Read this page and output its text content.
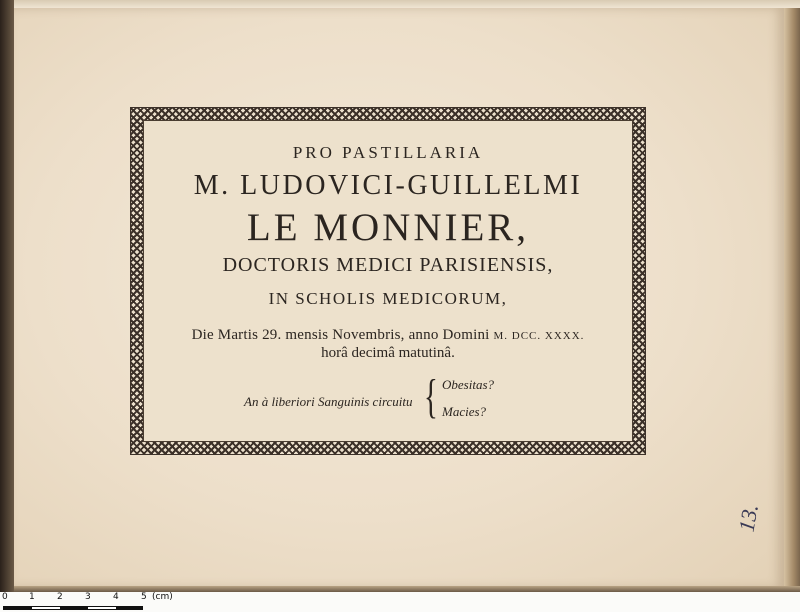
PRO PASTILLARIA
M. LUDOVICI-GUILLELMI
LE MONNIER,
DOCTORIS MEDICI PARISIENSIS,
IN SCHOLIS MEDICORUM,
Die Martis 29. mensis Novembris, anno Domini M. DCC. XXXX.
horâ decimâ matutinâ.
An à liberiori Sanguinis circuitu { Obesitas?
Macies?
13.
0 1 2 3 4 5 (cm)
